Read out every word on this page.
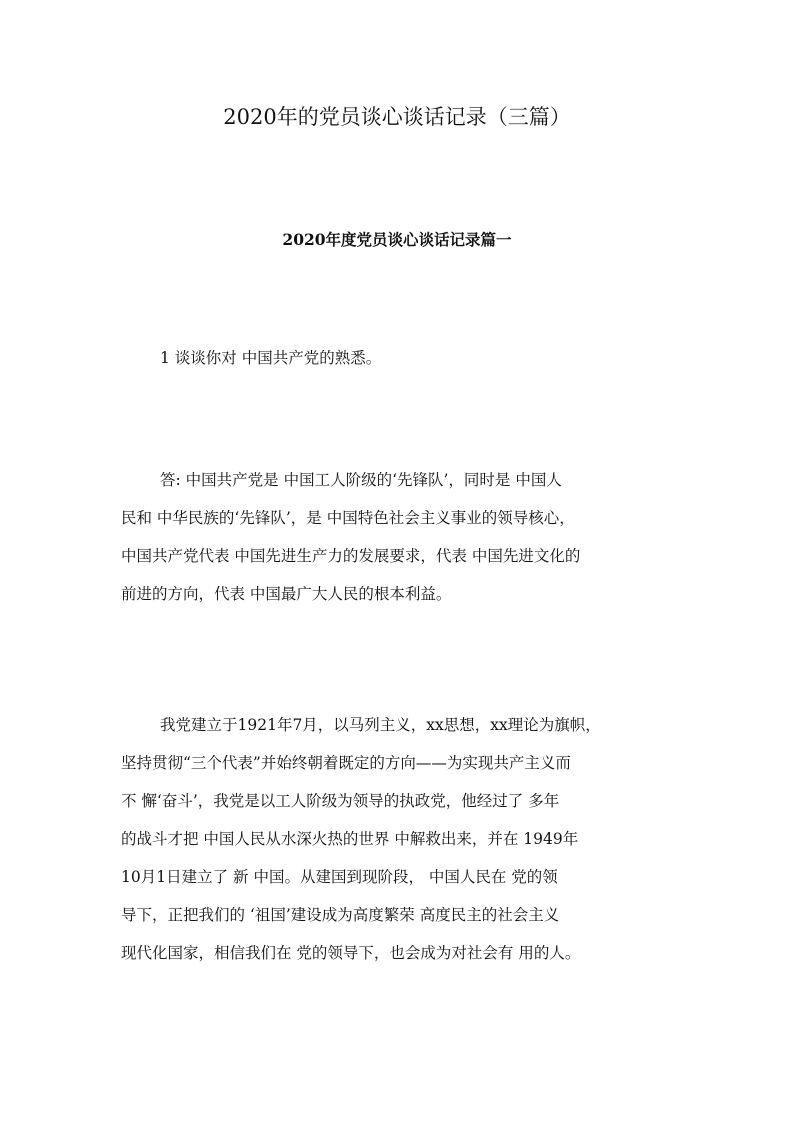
2020年的党员谈心谈话记录（三篇）
2020年度党员谈心谈话记录篇一
1 谈谈你对 中国共产党的熟悉。
答: 中国共产党是 中国工人阶级的‘先锋队’，同时是 中国人
民和 中华民族的‘先锋队’，是 中国特色社会主义事业的领导核心，
中国共产党代表 中国先进生产力的发展要求，代表 中国先进文化的
前进的方向，代表 中国最广大人民的根本利益。
我党建立于1921年7月，以马列主义，xx思想，xx理论为旗帜，
坚持贯彻“三个代表”并始终朝着既定的方向——为实现共产主义而
不 懈‘奋斗’，我党是以工人阶级为领导的执政党，他经过了 多年
的战斗才把 中国人民从水深火热的世界 中解救出来，并在 1949年
10月1日建立了 新 中国。从建国到现阶段， 中国人民在 党的领
导下，正把我们的 ‘祖国’建设成为高度繁荣 高度民主的社会主义
现代化国家，相信我们在 党的领导下，也会成为对社会有 用的人。
